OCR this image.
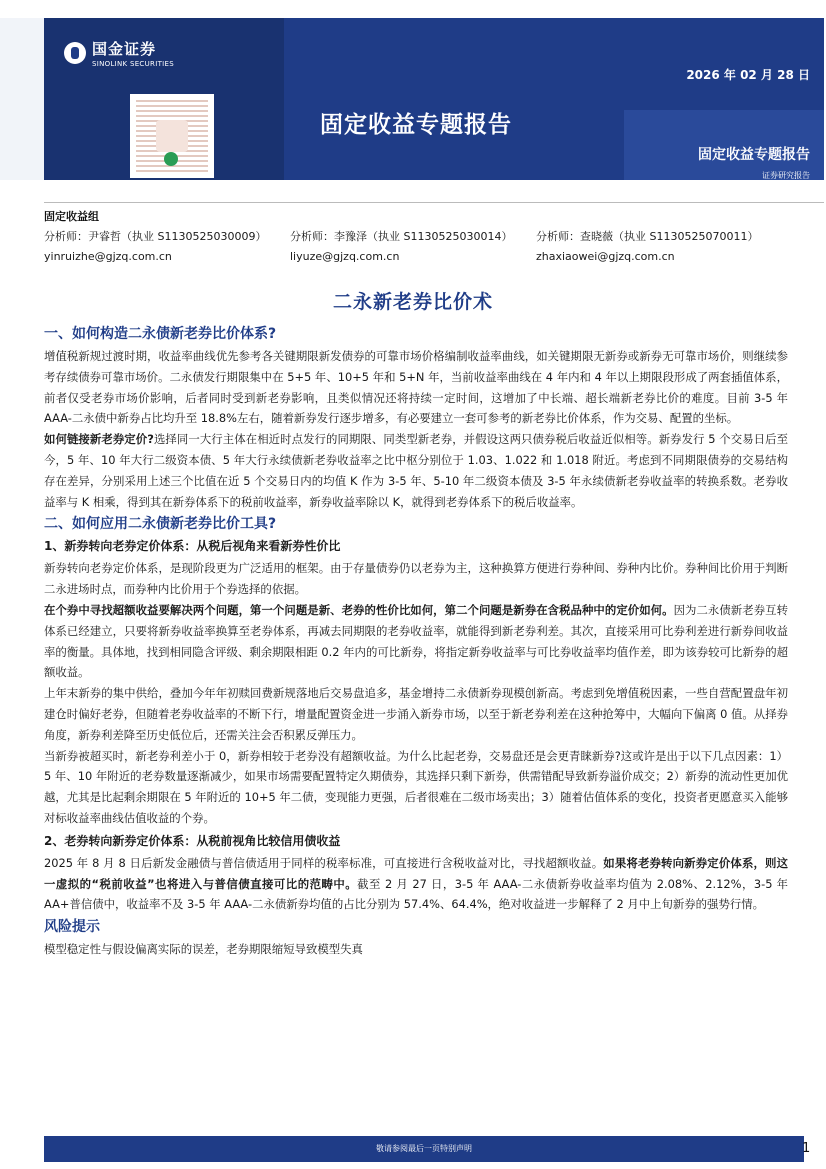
2026 年 02 月 28 日
固定收益专题报告
固定收益专题报告
证券研究报告
国金证券
SINOLINK SECURITIES
固定收益组
分析师：尹睿哲（执业 S1130525030009）
yinruizhe@gjzq.com.cn
分析师：李豫泽（执业 S1130525030014）
liyuze@gjzq.com.cn
分析师：查晓薇（执业 S1130525070011）
zhaxiaowei@gjzq.com.cn
二永新老券比价术
一、如何构造二永债新老券比价体系?

增值税新规过渡时期，收益率曲线优先参考各关键期限新发债券的可靠市场价格编制收益率曲线，如关键期限无新券或新券无可靠市场价，则继续参考存续债券可靠市场价。二永债发行期限集中在 5+5 年、10+5 年和 5+N 年，当前收益率曲线在 4 年内和 4 年以上期限段形成了两套插值体系，前者仅受老券市场价影响，后者同时受到新老券影响，且类似情况还将持续一定时间，这增加了中长端、超长端新老券比价的难度。目前 3-5 年 AAA-二永债中新券占比均升至 18.8%左右，随着新券发行逐步增多，有必要建立一套可参考的新老券比价体系，作为交易、配置的坐标。

如何链接新老券定价?选择同一大行主体在相近时点发行的同期限、同类型新老券，并假设这两只债券税后收益近似相等。新券发行 5 个交易日后至今，5 年、10 年大行二级资本债、5 年大行永续债新老券收益率之比中枢分别位于 1.03、1.022 和 1.018 附近。考虑到不同期限债券的交易结构存在差异，分别采用上述三个比值在近 5 个交易日内的均值 K 作为 3-5 年、5-10 年二级资本债及 3-5 年永续债新老券收益率的转换系数。老券收益率与 K 相乘，得到其在新券体系下的税前收益率，新券收益率除以 K，就得到老券体系下的税后收益率。

二、如何应用二永债新老券比价工具?
1、新券转向老券定价体系：从税后视角来看新券性价比

新券转向老券定价体系，是现阶段更为广泛适用的框架。由于存量债券仍以老券为主，这种换算方便进行券种间、券种内比价。券种间比价用于判断二永进场时点，而券种内比价用于个券选择的依据。

在个券中寻找超额收益要解决两个问题，第一个问题是新、老券的性价比如何，第二个问题是新券在含税品种中的定价如何。因为二永债新老券互转体系已经建立，只要将新券收益率换算至老券体系，再减去同期限的老券收益率，就能得到新老券利差。其次，直接采用可比券利差进行新券间收益率的衡量。具体地，找到相同隐含评级、剩余期限相距 0.2 年内的可比新券，将指定新券收益率与可比券收益率均值作差，即为该券较可比新券的超额收益。

上年末新券的集中供给，叠加今年年初赎回费新规落地后交易盘追多，基金增持二永债新券现模创新高。考虑到免增值税因素，一些自营配置盘年初建仓时偏好老券，但随着老券收益率的不断下行，增量配置资金进一步涌入新券市场，以至于新老券利差在这种抢筹中，大幅向下偏离 0 值。从择券角度，新券利差降至历史低位后，还需关注会否积累反弹压力。

当新券被超买时，新老券利差小于 0，新券相较于老券没有超额收益。为什么比起老券，交易盘还是会更青睐新券?这或许是出于以下几点因素：1）5 年、10 年附近的老券数量逐渐减少，如果市场需要配置特定久期债券，其选择只剩下新券，供需错配导致新券溢价成交；2）新券的流动性更加优越，尤其是比起剩余期限在 5 年附近的 10+5 年二债，变现能力更强，后者很难在二级市场卖出；3）随着估值体系的变化，投资者更愿意买入能够对标收益率曲线估值收益的个券。

2、老券转向新券定价体系：从税前视角比较信用债收益

2025 年 8 月 8 日后新发金融债与普信债适用于同样的税率标准，可直接进行含税收益对比，寻找超额收益。如果将老券转向新券定价体系，则这一虚拟的“税前收益”也将进入与普信债直接可比的范畴中。截至 2 月 27 日，3-5 年 AAA-二永债新券收益率均值为 2.08%、2.12%，3-5 年 AA+普信债中，收益率不及 3-5 年 AAA-二永债新券均值的占比分别为 57.4%、64.4%，绝对收益进一步解释了 2 月中上旬新券的强势行情。

风险提示

模型稳定性与假设偏离实际的误差，老券期限缩短导致模型失真

敬请参阅最后一页特别声明	1
